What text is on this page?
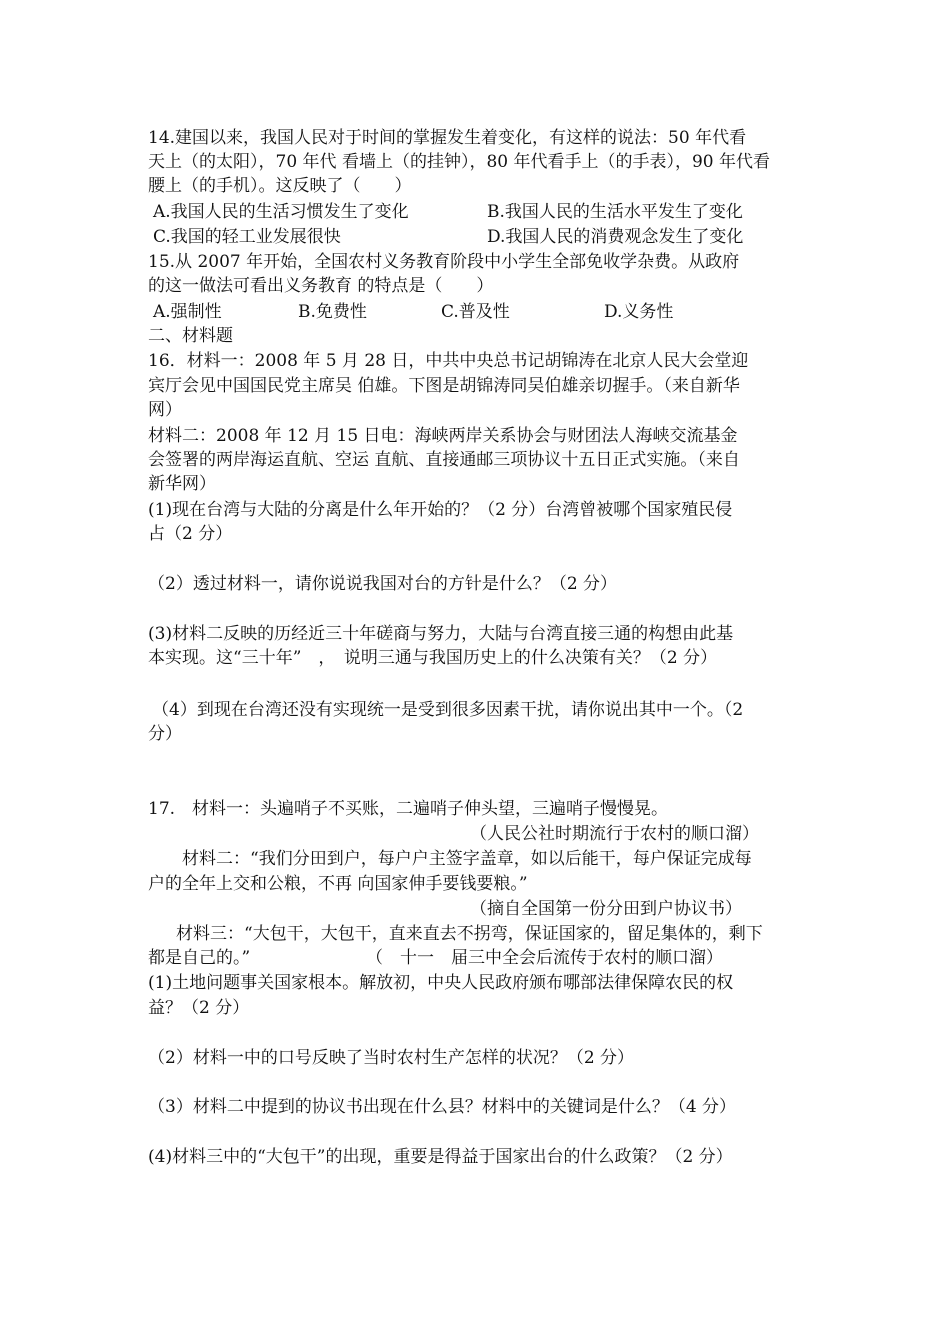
14.建国以来，我国人民对于时间的掌握发生着变化，有这样的说法：50 年代看
天上（的太阳），70 年代 看墙上（的挂钟），80 年代看手上（的手表），90 年代看
腰上（的手机）。这反映了（　　）
A.我国人民的生活习惯发生了变化	B.我国人民的生活水平发生了变化
C.我国的轻工业发展很快	D.我国人民的消费观念发生了变化
15.从 2007 年开始，全国农村义务教育阶段中小学生全部免收学杂费。从政府
的这一做法可看出义务教育 的特点是（　　）
A.强制性	B.免费性	C.普及性	D.义务性
二、材料题
16．材料一：2008 年 5 月 28 日，中共中央总书记胡锦涛在北京人民大会堂迎
宾厅会见中国国民党主席吴 伯雄。下图是胡锦涛同吴伯雄亲切握手。（来自新华
网）
材料二：2008 年 12 月 15 日电：海峡两岸关系协会与财团法人海峡交流基金
会签署的两岸海运直航、空运 直航、直接通邮三项协议十五日正式实施。（来自
新华网）
(1)现在台湾与大陆的分离是什么年开始的？（2 分）台湾曾被哪个国家殖民侵
占（2 分）
（2）透过材料一，请你说说我国对台的方针是什么？（2 分）
(3)材料二反映的历经近三十年磋商与努力，大陆与台湾直接三通的构想由此基
本实现。这“三十年”　，　说明三通与我国历史上的什么决策有关？（2 分）
（4）到现在台湾还没有实现统一是受到很多因素干扰，请你说出其中一个。（2
分）
17.　材料一：头遍哨子不买账，二遍哨子伸头望，三遍哨子慢慢晃。
（人民公社时期流行于农村的顺口溜）
材料二：“我们分田到户，每户户主签字盖章，如以后能干，每户保证完成每
户的全年上交和公粮，不再 向国家伸手要钱要粮。”
（摘自全国第一份分田到户协议书）
材料三：“大包干，大包干，直来直去不拐弯，保证国家的，留足集体的，剩下
都是自己的。”	（　十一　届三中全会后流传于农村的顺口溜）
(1)土地问题事关国家根本。解放初，中央人民政府颁布哪部法律保障农民的权
益？（2 分）
（2）材料一中的口号反映了当时农村生产怎样的状况？（2 分）
（3）材料二中提到的协议书出现在什么县？材料中的关键词是什么？（4 分）
(4)材料三中的“大包干”的出现，重要是得益于国家出台的什么政策？（2 分）
